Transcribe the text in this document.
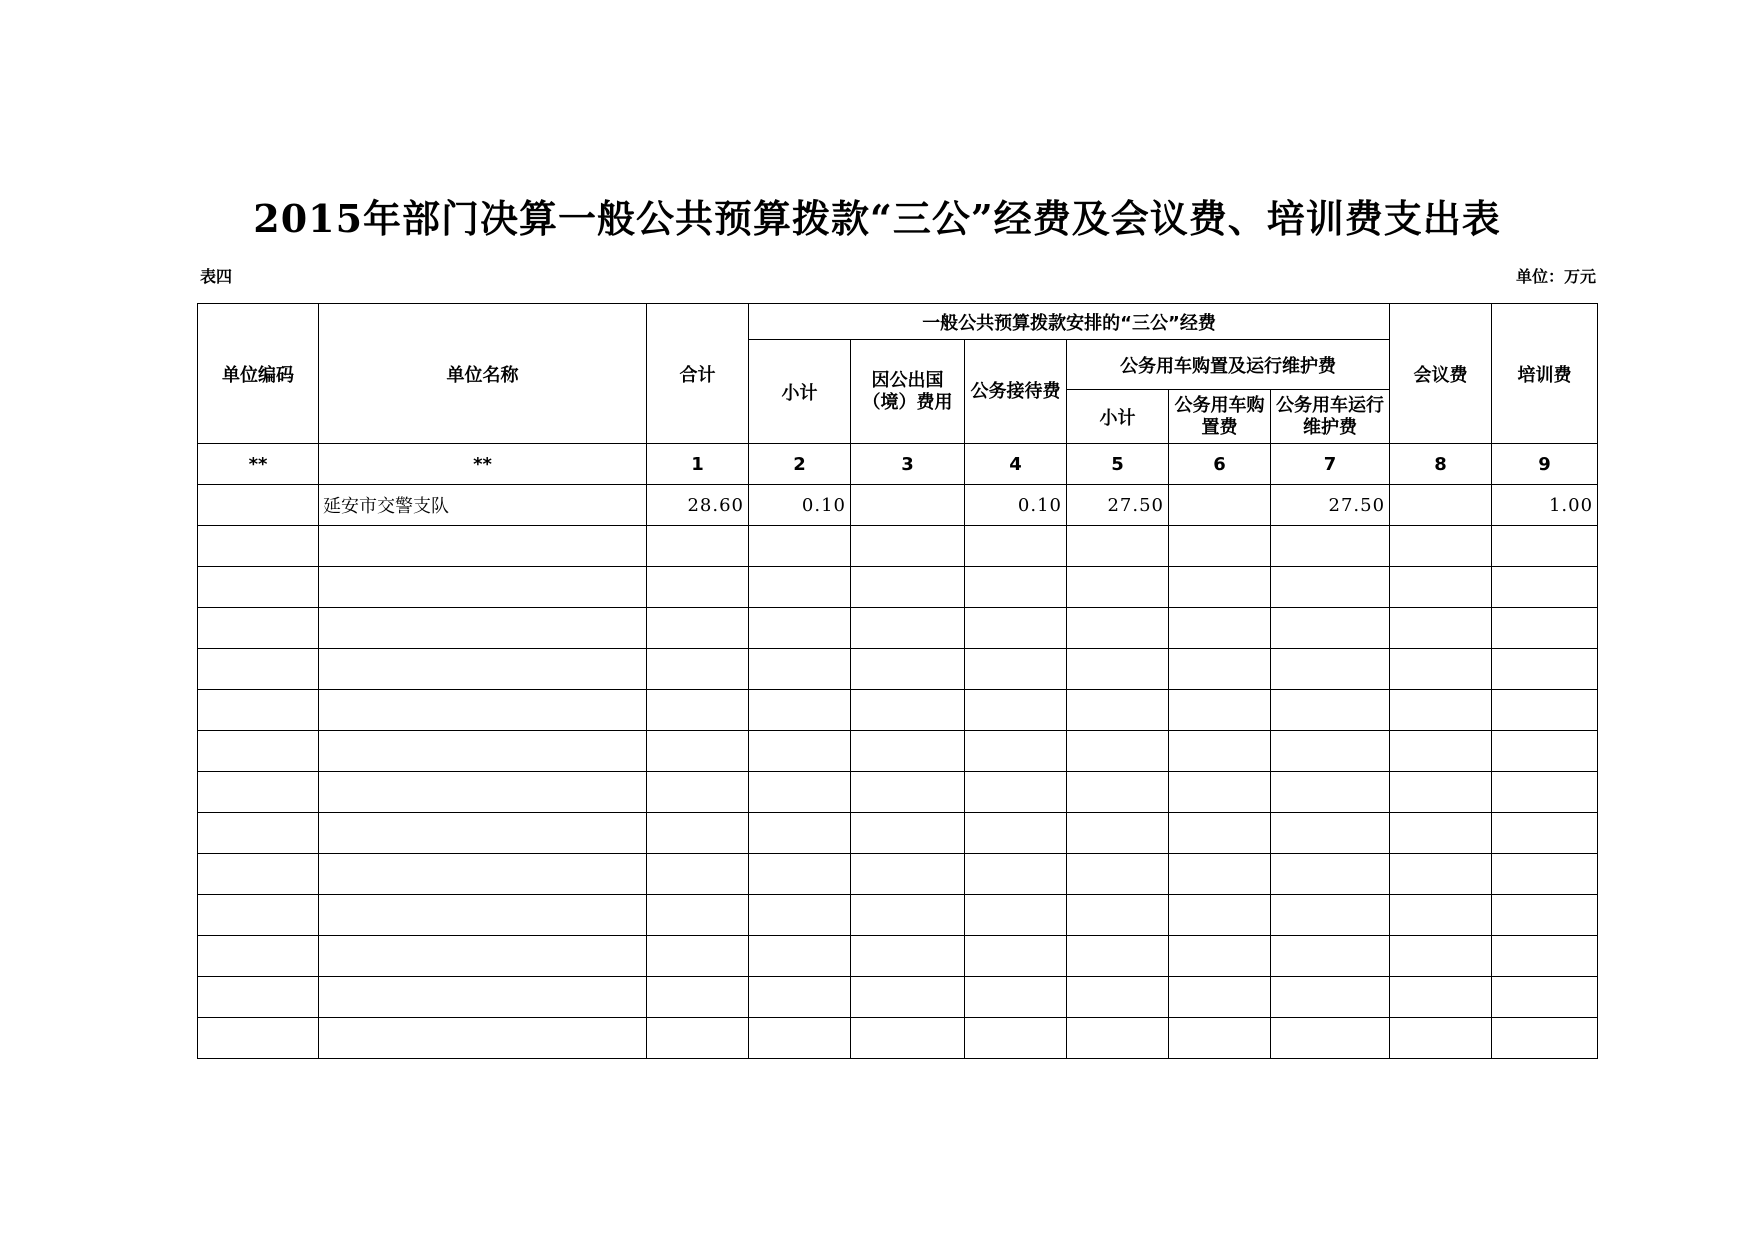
2015年部门决算一般公共预算拨款“三公”经费及会议费、培训费支出表
表四	单位：万元
单位编码	单位名称	合计	一般公共预算拨款安排的“三公”经费						会议费	培训费
			小计	因公出国（境）费用	公务接待费	公务用车购置及运行维护费				
						小计	公务用车购置费	公务用车运行维护费		
**	**	1	2	3	4	5	6	7	8	9
	延安市交警支队	28.60	0.10		0.10	27.50		27.50		1.00
